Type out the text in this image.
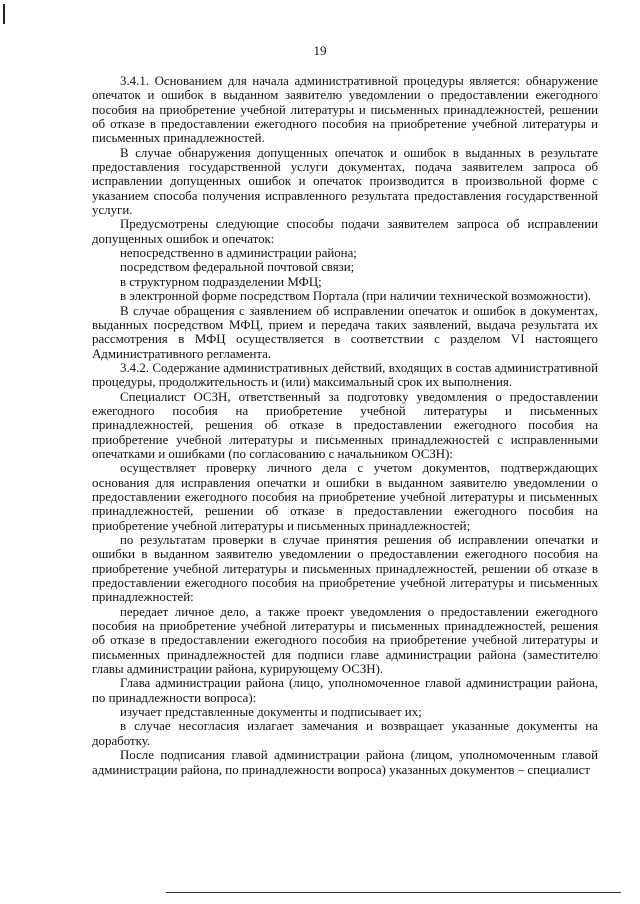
19

3.4.1. Основанием для начала административной процедуры является: обнаружение опечаток и ошибок в выданном заявителю уведомлении о предоставлении ежегодного пособия на приобретение учебной литературы и письменных принадлежностей, решении об отказе в предоставлении ежегодного пособия на приобретение учебной литературы и письменных принадлежностей.

В случае обнаружения допущенных опечаток и ошибок в выданных в результате предоставления государственной услуги документах, подача заявителем запроса об исправлении допущенных ошибок и опечаток производится в произвольной форме с указанием способа получения исправленного результата предоставления государственной услуги.

Предусмотрены следующие способы подачи заявителем запроса об исправлении допущенных ошибок и опечаток:

непосредственно в администрации района;

посредством федеральной почтовой связи;

в структурном подразделении МФЦ;

в электронной форме посредством Портала (при наличии технической возможности).

В случае обращения с заявлением об исправлении опечаток и ошибок в документах, выданных посредством МФЦ, прием и передача таких заявлений, выдача результата их рассмотрения в МФЦ осуществляется в соответствии с разделом VI настоящего Административного регламента.

3.4.2. Содержание административных действий, входящих в состав административной процедуры, продолжительность и (или) максимальный срок их выполнения.

Специалист ОСЗН, ответственный за подготовку уведомления о предоставлении ежегодного пособия на приобретение учебной литературы и письменных принадлежностей, решения об отказе в предоставлении ежегодного пособия на приобретение учебной литературы и письменных принадлежностей с исправленными опечатками и ошибками (по согласованию с начальником ОСЗН):

осуществляет проверку личного дела с учетом документов, подтверждающих основания для исправления опечатки и ошибки в выданном заявителю уведомлении о предоставлении ежегодного пособия на приобретение учебной литературы и письменных принадлежностей, решении об отказе в предоставлении ежегодного пособия на приобретение учебной литературы и письменных принадлежностей;

по результатам проверки в случае принятия решения об исправлении опечатки и ошибки в выданном заявителю уведомлении о предоставлении ежегодного пособия на приобретение учебной литературы и письменных принадлежностей, решении об отказе в предоставлении ежегодного пособия на приобретение учебной литературы и письменных принадлежностей:

передает личное дело, а также проект уведомления о предоставлении ежегодного пособия на приобретение учебной литературы и письменных принадлежностей, решения об отказе в предоставлении ежегодного пособия на приобретение учебной литературы и письменных принадлежностей для подписи главе администрации района (заместителю главы администрации района, курирующему ОСЗН).

Глава администрации района (лицо, уполномоченное главой администрации района, по принадлежности вопроса):

изучает представленные документы и подписывает их;

в случае несогласия излагает замечания и возвращает указанные документы на доработку.

После подписания главой администрации района (лицом, уполномоченным главой администрации района, по принадлежности вопроса) указанных документов – специалист
